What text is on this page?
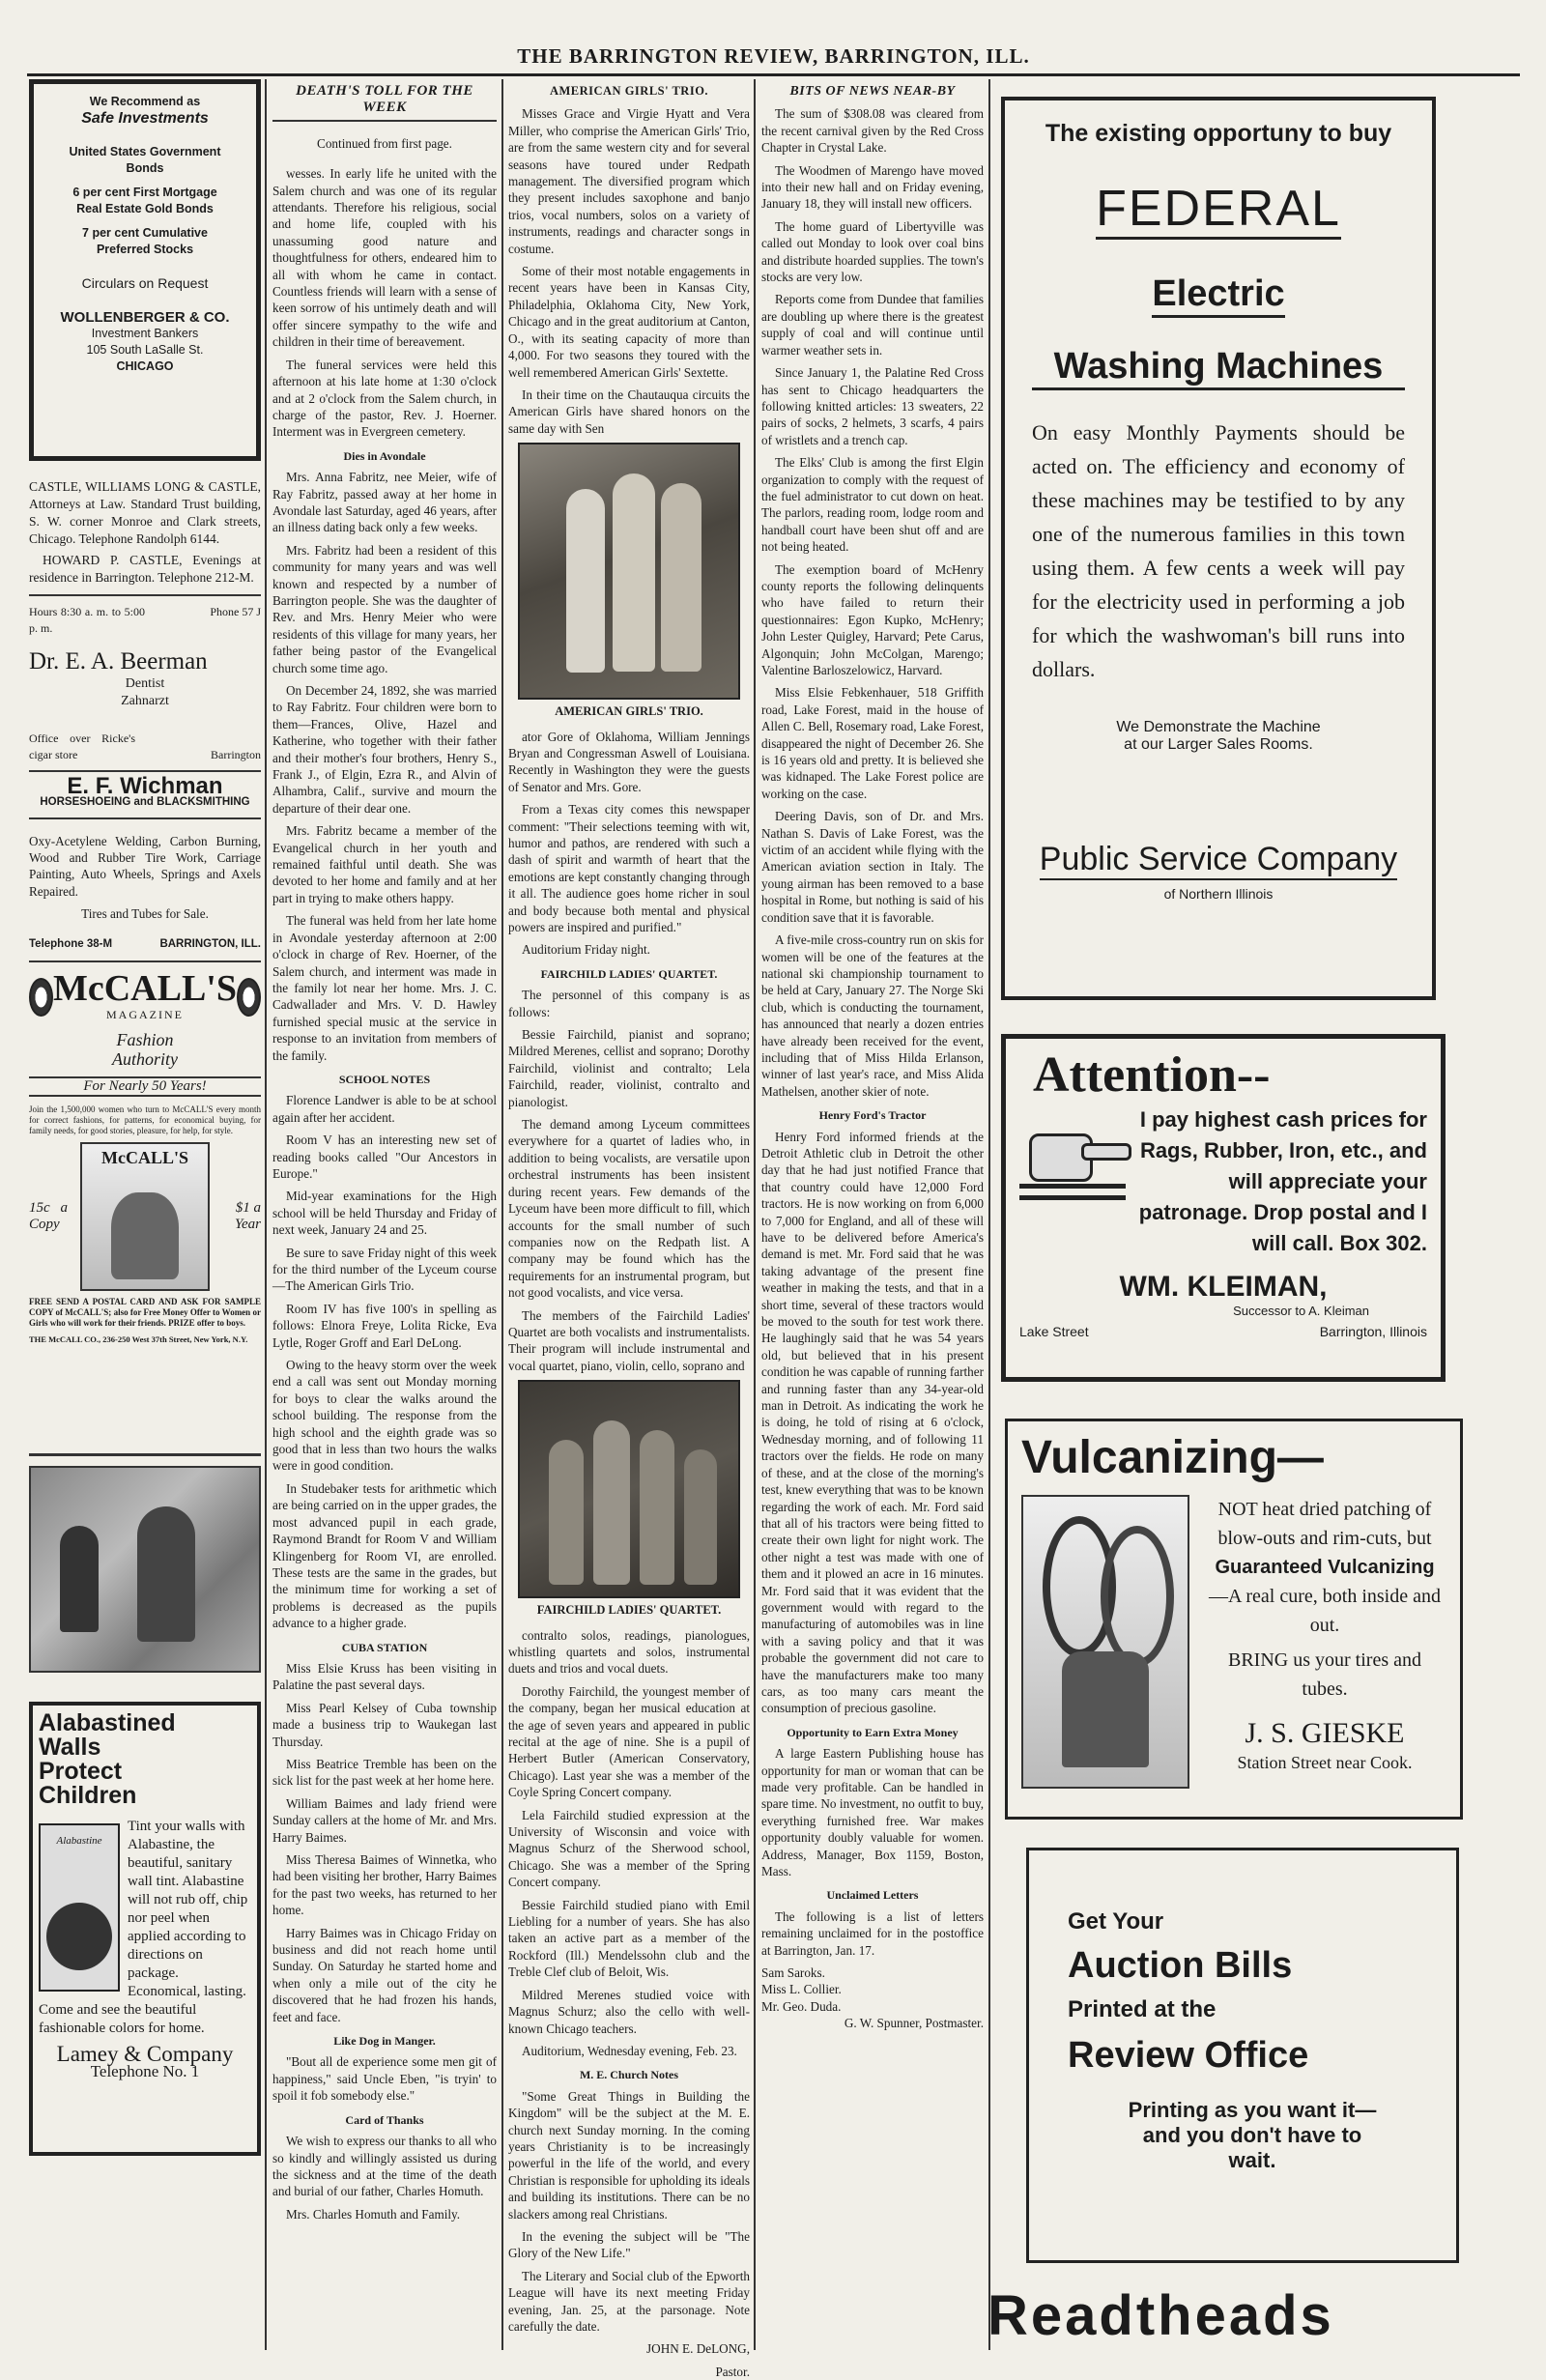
THE BARRINGTON REVIEW, BARRINGTON, ILL.

We Recommend as

Safe Investments

United States Government

Bonds

6 per cent First Mortgage

Real Estate Gold Bonds

7 per cent Cumulative

Preferred Stocks

Circulars on Request

WOLLENBERGER & CO.

Investment Bankers

105 South LaSalle St.

CHICAGO

CASTLE, WILLIAMS LONG & CASTLE, Attorneys at Law. Standard Trust building, S. W. corner Monroe and Clark streets, Chicago. Telephone Randolph 6144.

HOWARD P. CASTLE, Evenings at residence in Barrington. Telephone 212-M.

Hours 8:30 a. m. to 5:00 p. m.
Phone 57 J
Dr. E. A. Beerman
Dentist
Zahnarzt
Office over Ricke's cigar store	Barrington
E. F. Wichman
HORSESHOEING and BLACKSMITHING

Oxy-Acetylene Welding, Carbon Burning, Wood and Rubber Tire Work, Carriage Painting, Auto Wheels, Springs and Axels Repaired.

Tires and Tubes for Sale.

Telephone 38-M	BARRINGTON, ILL.
McCALL'S
MAGAZINE
Fashion
Authority
For Nearly 50 Years!

Join the 1,500,000 women who turn to McCALL'S every month for correct fashions, for patterns, for economical buying, for family needs, for good stories, pleasure, for help, for style.

15c a Copy
McCALL'S
$1 a Year

FREE SEND A POSTAL CARD AND ASK FOR SAMPLE COPY of McCALL'S; also for Free Money Offer to Women or Girls who will work for their friends. PRIZE offer to boys.

THE McCALL CO., 236-250 West 37th Street, New York, N.Y.

Alabastined
Walls
Protect
Children
Alabastine

Tint your walls with Alabastine, the beautiful, sanitary wall tint. Alabastine will not rub off, chip nor peel when applied according to directions on package. Economical, lasting. Come and see the beautiful fashionable colors for home.

Lamey & Company
Telephone No. 1
DEATH'S TOLL FOR THE WEEK

Continued from first page.

wesses. In early life he united with the Salem church and was one of its regular attendants. Therefore his religious, social and home life, coupled with his unassuming good nature and thoughtfulness for others, endeared him to all with whom he came in contact. Countless friends will learn with a sense of keen sorrow of his untimely death and will offer sincere sympathy to the wife and children in their time of bereavement.

The funeral services were held this afternoon at his late home at 1:30 o'clock and at 2 o'clock from the Salem church, in charge of the pastor, Rev. J. Hoerner. Interment was in Evergreen cemetery.

Dies in Avondale

Mrs. Anna Fabritz, nee Meier, wife of Ray Fabritz, passed away at her home in Avondale last Saturday, aged 46 years, after an illness dating back only a few weeks.

Mrs. Fabritz had been a resident of this community for many years and was well known and respected by a number of Barrington people. She was the daughter of Rev. and Mrs. Henry Meier who were residents of this village for many years, her father being pastor of the Evangelical church some time ago.

On December 24, 1892, she was married to Ray Fabritz. Four children were born to them—Frances, Olive, Hazel and Katherine, who together with their father and their mother's four brothers, Henry S., Frank J., of Elgin, Ezra R., and Alvin of Alhambra, Calif., survive and mourn the departure of their dear one.

Mrs. Fabritz became a member of the Evangelical church in her youth and remained faithful until death. She was devoted to her home and family and at her part in trying to make others happy.

The funeral was held from her late home in Avondale yesterday afternoon at 2:00 o'clock in charge of Rev. Hoerner, of the Salem church, and interment was made in the family lot near her home. Mrs. J. C. Cadwallader and Mrs. V. D. Hawley furnished special music at the service in response to an invitation from members of the family.

SCHOOL NOTES

Florence Landwer is able to be at school again after her accident.

Room V has an interesting new set of reading books called "Our Ancestors in Europe."

Mid-year examinations for the High school will be held Thursday and Friday of next week, January 24 and 25.

Be sure to save Friday night of this week for the third number of the Lyceum course—The American Girls Trio.

Room IV has five 100's in spelling as follows: Elnora Freye, Lolita Ricke, Eva Lytle, Roger Groff and Earl DeLong.

Owing to the heavy storm over the week end a call was sent out Monday morning for boys to clear the walks around the school building. The response from the high school and the eighth grade was so good that in less than two hours the walks were in good condition.

In Studebaker tests for arithmetic which are being carried on in the upper grades, the most advanced pupil in each grade, Raymond Brandt for Room V and William Klingenberg for Room VI, are enrolled. These tests are the same in the grades, but the minimum time for working a set of problems is decreased as the pupils advance to a higher grade.

CUBA STATION

Miss Elsie Kruss has been visiting in Palatine the past several days.

Miss Pearl Kelsey of Cuba township made a business trip to Waukegan last Thursday.

Miss Beatrice Tremble has been on the sick list for the past week at her home here.

William Baimes and lady friend were Sunday callers at the home of Mr. and Mrs. Harry Baimes.

Miss Theresa Baimes of Winnetka, who had been visiting her brother, Harry Baimes for the past two weeks, has returned to her home.

Harry Baimes was in Chicago Friday on business and did not reach home until Sunday. On Saturday he started home and when only a mile out of the city he discovered that he had frozen his hands, feet and face.

Like Dog in Manger.

"Bout all de experience some men git of happiness," said Uncle Eben, "is tryin' to spoil it fob somebody else."

Card of Thanks

We wish to express our thanks to all who so kindly and willingly assisted us during the sickness and at the time of the death and burial of our father, Charles Homuth.

Mrs. Charles Homuth and Family.

AMERICAN GIRLS' TRIO.

Misses Grace and Virgie Hyatt and Vera Miller, who comprise the American Girls' Trio, are from the same western city and for several seasons have toured under Redpath management. The diversified program which they present includes saxophone and banjo trios, vocal numbers, solos on a variety of instruments, readings and character songs in costume.

Some of their most notable engagements in recent years have been in Kansas City, Philadelphia, Oklahoma City, New York, Chicago and in the great auditorium at Canton, O., with its seating capacity of more than 4,000. For two seasons they toured with the well remembered American Girls' Sextette.

In their time on the Chautauqua circuits the American Girls have shared honors on the same day with Sen

AMERICAN GIRLS' TRIO.

ator Gore of Oklahoma, William Jennings Bryan and Congressman Aswell of Louisiana. Recently in Washington they were the guests of Senator and Mrs. Gore.

From a Texas city comes this newspaper comment: "Their selections teeming with wit, humor and pathos, are rendered with such a dash of spirit and warmth of heart that the emotions are kept constantly changing through it all. The audience goes home richer in soul and body because both mental and physical powers are inspired and purified."

Auditorium Friday night.

FAIRCHILD LADIES' QUARTET.

The personnel of this company is as follows:

Bessie Fairchild, pianist and soprano; Mildred Merenes, cellist and soprano; Dorothy Fairchild, violinist and contralto; Lela Fairchild, reader, violinist, contralto and pianologist.

The demand among Lyceum committees everywhere for a quartet of ladies who, in addition to being vocalists, are versatile upon orchestral instruments has been insistent during recent years. Few demands of the Lyceum have been more difficult to fill, which accounts for the small number of such companies now on the Redpath list. A company may be found which has the requirements for an instrumental program, but not good vocalists, and vice versa.

The members of the Fairchild Ladies' Quartet are both vocalists and instrumentalists. Their program will include instrumental and vocal quartet, piano, violin, cello, soprano and

FAIRCHILD LADIES' QUARTET.

contralto solos, readings, pianologues, whistling quartets and solos, instrumental duets and trios and vocal duets.

Dorothy Fairchild, the youngest member of the company, began her musical education at the age of seven years and appeared in public recital at the age of nine. She is a pupil of Herbert Butler (American Conservatory, Chicago). Last year she was a member of the Coyle Spring Concert company.

Lela Fairchild studied expression at the University of Wisconsin and voice with Magnus Schurz of the Sherwood school, Chicago. She was a member of the Spring Concert company.

Bessie Fairchild studied piano with Emil Liebling for a number of years. She has also taken an active part as a member of the Rockford (Ill.) Mendelssohn club and the Treble Clef club of Beloit, Wis.

Mildred Merenes studied voice with Magnus Schurz; also the cello with well-known Chicago teachers.

Auditorium, Wednesday evening, Feb. 23.

M. E. Church Notes

"Some Great Things in Building the Kingdom" will be the subject at the M. E. church next Sunday morning. In the coming years Christianity is to be increasingly powerful in the life of the world, and every Christian is responsible for upholding its ideals and building its institutions. There can be no slackers among real Christians.

In the evening the subject will be "The Glory of the New Life."

The Literary and Social club of the Epworth League will have its next meeting Friday evening, Jan. 25, at the parsonage. Note carefully the date.

JOHN E. DeLONG,

Pastor.

BITS OF NEWS NEAR-BY

The sum of $308.08 was cleared from the recent carnival given by the Red Cross Chapter in Crystal Lake.

The Woodmen of Marengo have moved into their new hall and on Friday evening, January 18, they will install new officers.

The home guard of Libertyville was called out Monday to look over coal bins and distribute hoarded supplies. The town's stocks are very low.

Reports come from Dundee that families are doubling up where there is the greatest supply of coal and will continue until warmer weather sets in.

Since January 1, the Palatine Red Cross has sent to Chicago headquarters the following knitted articles: 13 sweaters, 22 pairs of socks, 2 helmets, 3 scarfs, 4 pairs of wristlets and a trench cap.

The Elks' Club is among the first Elgin organization to comply with the request of the fuel administrator to cut down on heat. The parlors, reading room, lodge room and handball court have been shut off and are not being heated.

The exemption board of McHenry county reports the following delinquents who have failed to return their questionnaires: Egon Kupko, McHenry; John Lester Quigley, Harvard; Pete Carus, Algonquin; John McColgan, Marengo; Valentine Barloszelowicz, Harvard.

Miss Elsie Febkenhauer, 518 Griffith road, Lake Forest, maid in the house of Allen C. Bell, Rosemary road, Lake Forest, disappeared the night of December 26. She is 16 years old and pretty. It is believed she was kidnaped. The Lake Forest police are working on the case.

Deering Davis, son of Dr. and Mrs. Nathan S. Davis of Lake Forest, was the victim of an accident while flying with the American aviation section in Italy. The young airman has been removed to a base hospital in Rome, but nothing is said of his condition save that it is favorable.

A five-mile cross-country run on skis for women will be one of the features at the national ski championship tournament to be held at Cary, January 27. The Norge Ski club, which is conducting the tournament, has announced that nearly a dozen entries have already been received for the event, including that of Miss Hilda Erlanson, winner of last year's race, and Miss Alida Mathelsen, another skier of note.

Henry Ford's Tractor

Henry Ford informed friends at the Detroit Athletic club in Detroit the other day that he had just notified France that that country could have 12,000 Ford tractors. He is now working on from 6,000 to 7,000 for England, and all of these will have to be delivered before America's demand is met. Mr. Ford said that he was taking advantage of the present fine weather in making the tests, and that in a short time, several of these tractors would be moved to the south for test work there. He laughingly said that he was 54 years old, but believed that in his present condition he was capable of running farther and running faster than any 34-year-old man in Detroit. As indicating the work he is doing, he told of rising at 6 o'clock, Wednesday morning, and of following 11 tractors over the fields. He rode on many of these, and at the close of the morning's test, knew everything that was to be known regarding the work of each. Mr. Ford said that all of his tractors were being fitted to create their own light for night work. The other night a test was made with one of them and it plowed an acre in 16 minutes. Mr. Ford said that it was evident that the government would with regard to the manufacturing of automobiles was in line with a saving policy and that it was probable the government did not care to have the manufacturers make too many cars, as too many cars meant the consumption of precious gasoline.

Opportunity to Earn Extra Money

A large Eastern Publishing house has opportunity for man or woman that can be made very profitable. Can be handled in spare time. No investment, no outfit to buy, everything furnished free. War makes opportunity doubly valuable for women. Address, Manager, Box 1159, Boston, Mass.

Unclaimed Letters

The following is a list of letters remaining unclaimed for in the postoffice at Barrington, Jan. 17.

Sam Saroks.

Miss L. Collier.

Mr. Geo. Duda.

G. W. Spunner, Postmaster.

The existing opportuny to buy
FEDERAL Electric
Washing Machines

On easy Monthly Payments should be acted on. The efficiency and economy of these machines may be testified to by any one of the numerous families in this town using them. A few cents a week will pay for the electricity used in performing a job for which the washwoman's bill runs into dollars.

We Demonstrate the Machine
at our Larger Sales Rooms.
Public Service Company
of Northern Illinois
Attention--
I pay highest cash prices for Rags, Rubber, Iron, etc., and will appreciate your patronage. Drop postal and I will call. Box 302.
WM. KLEIMAN,
Successor to A. Kleiman
Lake Street	Barrington, Illinois
Vulcanizing—
NOT heat dried patching of blow-outs and rim-cuts, but Guaranteed Vulcanizing —A real cure, both inside and out.
BRING us your tires and tubes.
J. S. GIESKE
Station Street near Cook.
Get Your
Auction Bills
Printed at the
Review Office
Printing as you want it—
and you don't have to
wait.
Readtheads
